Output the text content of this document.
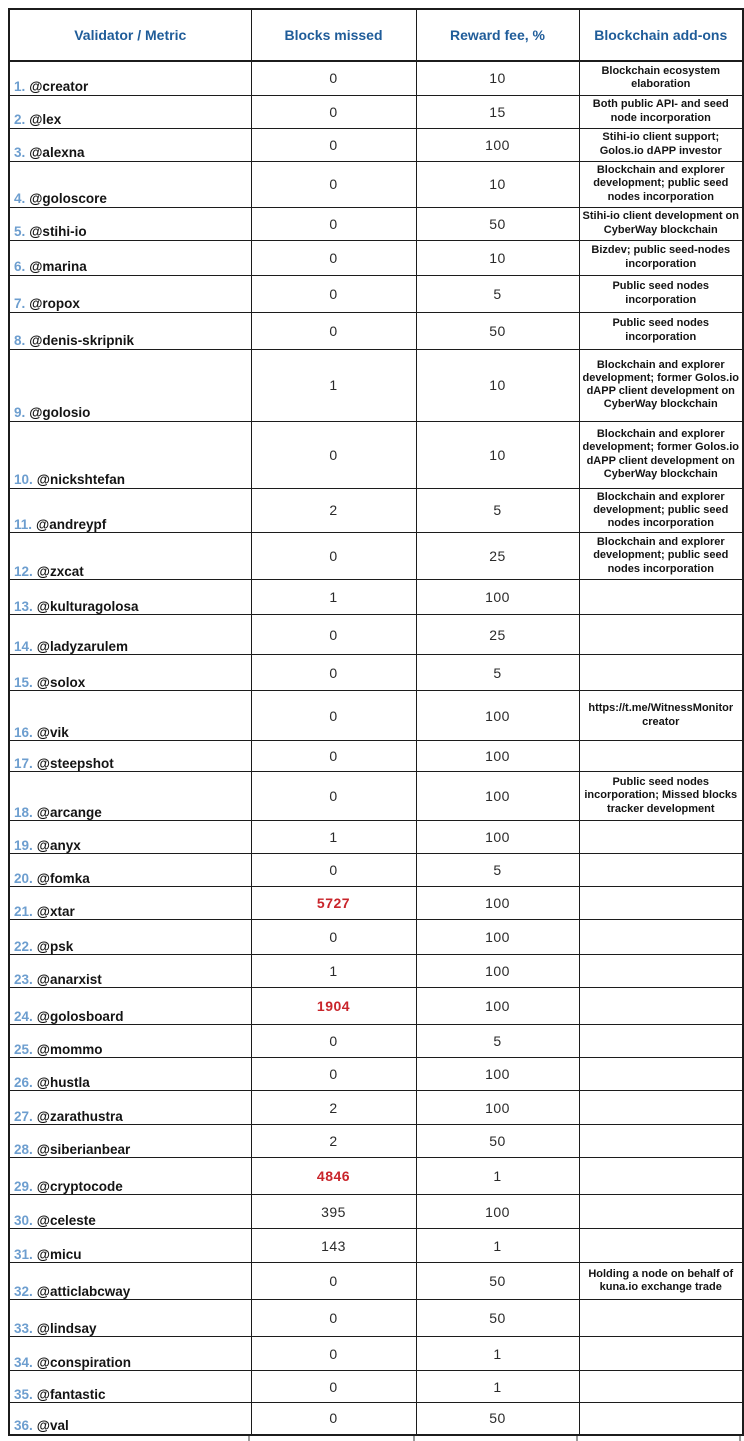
Validator / Metric	Blocks missed	Reward fee, %	Blockchain add-ons
1. @creator	0	10	Blockchain ecosystem elaboration
2. @lex	0	15	Both public API- and seed node incorporation
3. @alexna	0	100	Stihi-io client support; Golos.io dAPP investor
4. @goloscore	0	10	Blockchain and explorer development; public seed nodes incorporation
5. @stihi-io	0	50	Stihi-io client development on CyberWay blockchain
6. @marina	0	10	Bizdev; public seed-nodes incorporation
7. @ropox	0	5	Public seed nodes incorporation
8. @denis-skripnik	0	50	Public seed nodes incorporation
9. @golosio	1	10	Blockchain and explorer development; former Golos.io dAPP client development on CyberWay blockchain
10. @nickshtefan	0	10	Blockchain and explorer development; former Golos.io dAPP client development on CyberWay blockchain
11. @andreypf	2	5	Blockchain and explorer development; public seed nodes incorporation
12. @zxcat	0	25	Blockchain and explorer development; public seed nodes incorporation
13. @kulturagolosa	1	100	
14. @ladyzarulem	0	25	
15. @solox	0	5	
16. @vik	0	100	https://t.me/WitnessMonitor creator
17. @steepshot	0	100	
18. @arcange	0	100	Public seed nodes incorporation; Missed blocks tracker development
19. @anyx	1	100	
20. @fomka	0	5	
21. @xtar	5727	100	
22. @psk	0	100	
23. @anarxist	1	100	
24. @golosboard	1904	100	
25. @mommo	0	5	
26. @hustla	0	100	
27. @zarathustra	2	100	
28. @siberianbear	2	50	
29. @cryptocode	4846	1	
30. @celeste	395	100	
31. @micu	143	1	
32. @atticlabcway	0	50	Holding a node on behalf of kuna.io exchange trade
33. @lindsay	0	50	
34. @conspiration	0	1	
35. @fantastic	0	1	
36. @val	0	50	
